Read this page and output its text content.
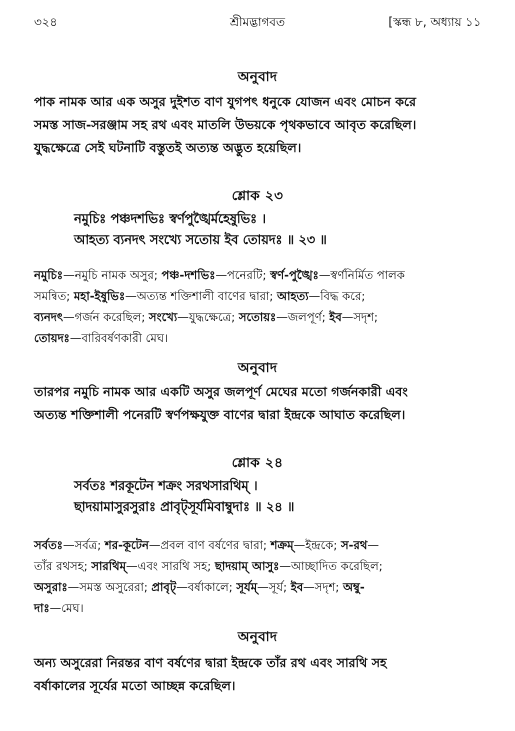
৩২৪	শ্রীমদ্ভাগবত	[স্কন্ধ ৮, অধ্যায় ১১
অনুবাদ
পাক নামক আর এক অসুর দুইশত বাণ যুগপৎ ধনুকে যোজন এবং মোচন করে
সমস্ত সাজ-সরঞ্জাম সহ রথ এবং মাতলি উভয়কে পৃথকভাবে আবৃত করেছিল।
যুদ্ধক্ষেত্রে সেই ঘটনাটি বস্তুতই অত্যন্ত অদ্ভুত হয়েছিল।
শ্লোক ২৩
নমুচিঃ পঞ্চদশভিঃ স্বর্ণপুঙ্খৈর্মহেষুভিঃ ।
আহত্য ব্যনদৎ সংখ্যে সতোয় ইব তোয়দঃ ॥ ২৩ ॥
নমুচিঃ—নমুচি নামক অসুর; পঞ্চ-দশভিঃ—পনেরটি; স্বর্ণ-পুঙ্খৈঃ—স্বর্ণনির্মিত পালক
সমন্বিত; মহা-ইষুভিঃ—অত্যন্ত শক্তিশালী বাণের দ্বারা; আহত্য—বিদ্ধ করে;
ব্যনদৎ—গর্জন করেছিল; সংখ্যে—যুদ্ধক্ষেত্রে; সতোয়ঃ—জলপূর্ণ; ইব—সদৃশ;
তোয়দঃ—বারিবর্ষণকারী মেঘ।
অনুবাদ
তারপর নমুচি নামক আর একটি অসুর জলপূর্ণ মেঘের মতো গর্জনকারী এবং
অত্যন্ত শক্তিশালী পনেরটি স্বর্ণপক্ষযুক্ত বাণের দ্বারা ইন্দ্রকে আঘাত করেছিল।
শ্লোক ২৪
সর্বতঃ শরকূটেন শক্রং সরথসারথিম্ ।
ছাদয়ামাসুরসুরাঃ প্রাবৃট্সূর্যমিবাম্বুদাঃ ॥ ২৪ ॥
সর্বতঃ—সর্বত্র; শর-কূটেন—প্রবল বাণ বর্ষণের দ্বারা; শক্রম্—ইন্দ্রকে; স-রথ—
তাঁর রথসহ; সারথিম্—এবং সারথি সহ; ছাদয়াম্ আসুঃ—আচ্ছাদিত করেছিল;
অসুরাঃ—সমস্ত অসুরেরা; প্রাবৃট্—বর্ষাকালে; সূর্যম্—সূর্য; ইব—সদৃশ; অম্বু-
দাঃ—মেঘ।
অনুবাদ
অন্য অসুরেরা নিরন্তর বাণ বর্ষণের দ্বারা ইন্দ্রকে তাঁর রথ এবং সারথি সহ
বর্ষাকালের সূর্যের মতো আচ্ছন্ন করেছিল।
